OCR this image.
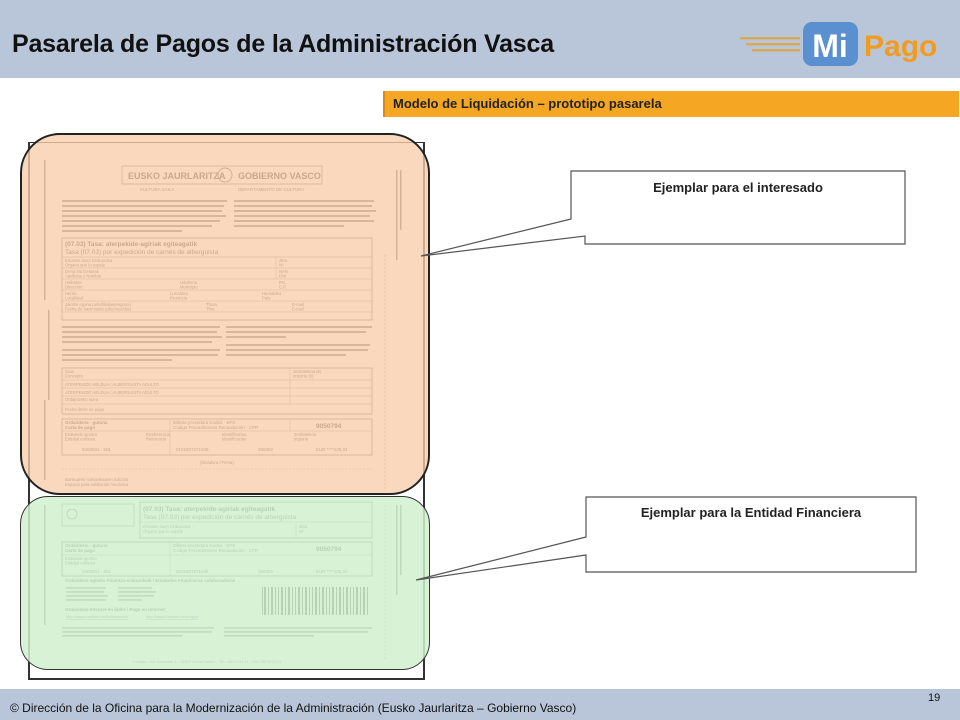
Pasarela de Pagos de la Administración Vasca	Mi Pago
Modelo de Liquidación – prototipo pasarela
Ejemplar para el interesado
Ejemplar para la Entidad Financiera
19
© Dirección de la Oficina para la Modernización de la Administración (Eusko Jaurlaritza – Gobierno Vasco)
